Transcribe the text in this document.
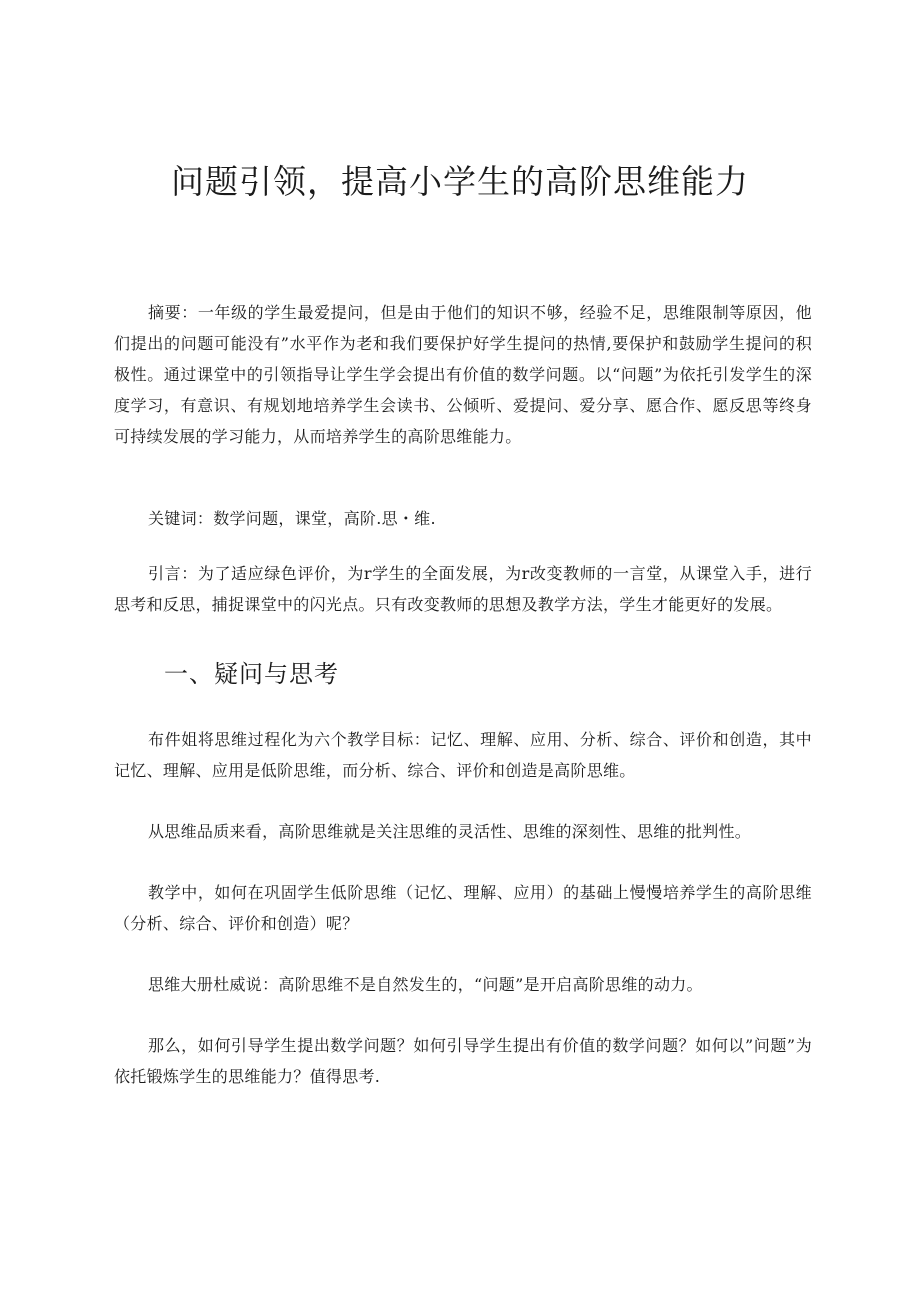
问题引领，提高小学生的高阶思维能力

摘要：一年级的学生最爱提问，但是由于他们的知识不够，经验不足，思维限制等原因，他们提出的问题可能没有”水平作为老和我们要保护好学生提问的热情,要保护和鼓励学生提问的积极性。通过课堂中的引领指导让学生学会提出有价值的数学问题。以“问题”为依托引发学生的深度学习，有意识、有规划地培养学生会读书、公倾听、爱提问、爱分享、愿合作、愿反思等终身可持续发展的学习能力，从而培养学生的高阶思维能力。

关键词：数学问题，课堂，高阶.思・维.

引言：为了适应绿色评价，为r学生的全面发展，为r改变教师的一言堂，从课堂入手，进行思考和反思，捕捉课堂中的闪光点。只有改变教师的思想及教学方法，学生才能更好的发展。

一、疑问与思考

布件姐将思维过程化为六个教学目标：记忆、理解、应用、分析、综合、评价和创造，其中记忆、理解、应用是低阶思维，而分析、综合、评价和创造是高阶思维。

从思维品质来看，高阶思维就是关注思维的灵活性、思维的深刻性、思维的批判性。

教学中，如何在巩固学生低阶思维（记忆、理解、应用）的基础上慢慢培养学生的高阶思维（分析、综合、评价和创造）呢？

思维大册杜威说：高阶思维不是自然发生的，“问题”是开启高阶思维的动力。

那么，如何引导学生提出数学问题？如何引导学生提出有价值的数学问题？如何以”问题”为依托锻炼学生的思维能力？值得思考.
